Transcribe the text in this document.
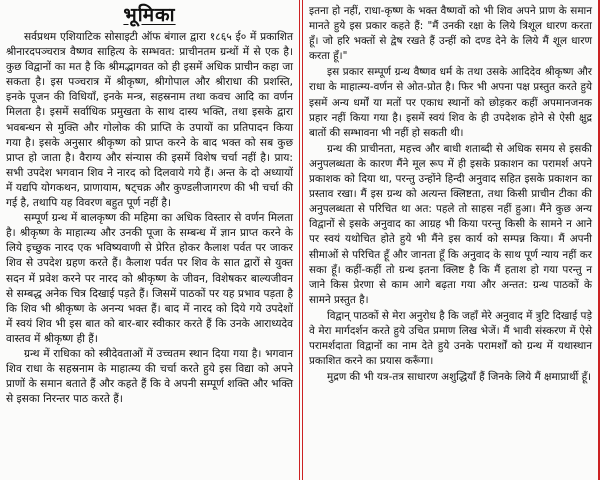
भूमिका

सर्वप्रथम एशियाटिक सोसाइटी ऑफ बंगाल द्वारा १८६५ ई० में प्रकाशित श्रीनारदपञ्चरात्र वैष्णव साहित्य के सम्भवत: प्राचीनतम ग्रन्थों में से एक है। कुछ विद्वानों का मत है कि श्रीमद्भागवत को ही इसमें अधिक प्राचीन कहा जा सकता है। इस पञ्चरात्र में श्रीकृष्ण, श्रीगोपाल और श्रीराधा की प्रशस्ति, इनके पूजन की विधियाँ, इनके मन्त्र, सहस्रनाम तथा कवच आदि का वर्णन मिलता है। इसमें सर्वाधिक प्रमुखता के साथ दास्य भक्ति, तथा इसके द्वारा भवबन्धन से मुक्ति और गोलोक की प्राप्ति के उपायों का प्रतिपादन किया गया है। इसके अनुसार श्रीकृष्ण को प्राप्त करने के बाद भक्त को सब कुछ प्राप्त हो जाता है। वैराग्य और संन्यास की इसमें विशेष चर्चा नहीं है। प्राय: सभी उपदेश भगवान शिव ने नारद को दिलवाये गये हैं। अन्त के दो अध्यायों में यद्यपि योगकथन, प्राणायाम, षट्चक्र और कुण्डलीजागरण की भी चर्चा की गई है, तथापि यह विवरण बहुत पूर्ण नहीं है।

सम्पूर्ण ग्रन्थ में बालकृष्ण की महिमा का अधिक विस्तार से वर्णन मिलता है। श्रीकृष्ण के माहात्म्य और उनकी पूजा के सम्बन्ध में ज्ञान प्राप्त करने के लिये इच्छुक नारद एक भविष्यवाणी से प्रेरित होकर कैलाश पर्वत पर जाकर शिव से उपदेश ग्रहण करते हैं। कैलाश पर्वत पर शिव के सात द्वारों से युक्त सदन में प्रवेश करने पर नारद को श्रीकृष्ण के जीवन, विशेषकर बाल्यजीवन से सम्बद्ध अनेक चित्र दिखाई पड़ते हैं। जिसमें पाठकों पर यह प्रभाव पड़ता है कि शिव भी श्रीकृष्ण के अनन्य भक्त हैं। बाद में नारद को दिये गये उपदेशों में स्वयं शिव भी इस बात को बार-बार स्वीकार करते हैं कि उनके आराध्यदेव वास्तव में श्रीकृष्ण ही हैं।

ग्रन्थ में राधिका को स्त्रीदेवताओं में उच्चतम स्थान दिया गया है। भगवान शिव राधा के सहस्रनाम के माहात्म्य की चर्चा करते हुये इस विद्या को अपने प्राणों के समान बताते हैं और कहते हैं कि वे अपनी सम्पूर्ण शक्ति और भक्ति से इसका निरन्तर पाठ करते हैं।

इतना हो नहीं, राधा-कृष्ण के भक्त वैष्णवों को भी शिव अपने प्राण के समान मानते हुये इस प्रकार कहते हैं: "मैं उनकी रक्षा के लिये त्रिशूल धारण करता हूँ। जो हरि भक्तों से द्वेष रखते हैं उन्हीं को दण्ड देने के लिये मैं शूल धारण करता हूँ।"

इस प्रकार सम्पूर्ण ग्रन्थ वैष्णव धर्म के तथा उसके आदिदेव श्रीकृष्ण और राधा के माहात्म्य-वर्णन से ओत-प्रोत है। फिर भी अपना पक्ष प्रस्तुत करते हुये इसमें अन्य धर्मों या मतों पर एकाध स्थानों को छोड़कर कहीं अपमानजनक प्रहार नहीं किया गया है। इसमें स्वयं शिव के ही उपदेशक होने से ऐसी क्षुद्र बातों की सम्भावना भी नहीं हो सकती थी।

ग्रन्थ की प्राचीनता, महत्त्व और बाधी शताब्दी से अधिक समय से इसकी अनुपलब्धता के कारण मैंने मूल रूप में ही इसके प्रकाशन का परामर्श अपने प्रकाशक को दिया था, परन्तु उन्होंने हिन्दी अनुवाद सहित इसके प्रकाशन का प्रस्ताव रखा। मैं इस ग्रन्थ को अत्यन्त क्लिष्टता, तथा किसी प्राचीन टीका की अनुपलब्धता से परिचित था अत: पहले तो साहस नहीं हुआ। मैंने कुछ अन्य विद्वानों से इसके अनुवाद का आग्रह भी किया परन्तु किसी के सामने न आने पर स्वयं यथोचित होते हुये भी मैंने इस कार्य को सम्पन्न किया। मैं अपनी सीमाओं से परिचित हूँ और जानता हूँ कि अनुवाद के साथ पूर्ण न्याय नहीं कर सका हूँ। कहीं-कहीं तो ग्रन्थ इतना क्लिष्ट है कि मैं हताश हो गया परन्तु न जाने किस प्रेरणा से काम आगे बढ़ता गया और अन्तत: ग्रन्थ पाठकों के सामने प्रस्तुत है।

विद्वान् पाठकों से मेरा अनुरोध है कि जहाँ मेरे अनुवाद में त्रुटि दिखाई पड़े वे मेरा मार्गदर्शन करते हुये उचित प्रमाण लिख भेजें। मैं भावी संस्करण में ऐसे परामर्शदाता विद्वानों का नाम देते हुये उनके परामर्शों को ग्रन्थ में यथास्थान प्रकाशित करने का प्रयास करूँगा।

मुद्रण की भी यत्र-तत्र साधारण अशुद्धियाँ हैं जिनके लिये मैं क्षमाप्रार्थी हूँ।
